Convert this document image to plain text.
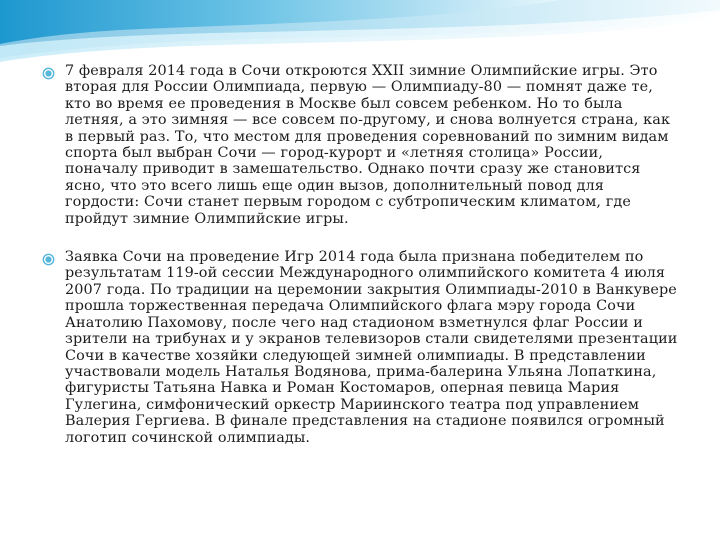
7 февраля 2014 года в Сочи откроются XXII зимние Олимпийские игры. Это вторая для России Олимпиада, первую — Олимпиаду-80 — помнят даже те, кто во время ее проведения в Москве был совсем ребенком. Но то была летняя, а это зимняя — все совсем по-другому, и снова волнуется страна, как в первый раз. То, что местом для проведения соревнований по зимним видам спорта был выбран Сочи — город-курорт и «летняя столица» России, поначалу приводит в замешательство. Однако почти сразу же становится ясно, что это всего лишь еще один вызов, дополнительный повод для гордости: Сочи станет первым городом с субтропическим климатом, где пройдут зимние Олимпийские игры.

Заявка Сочи на проведение Игр 2014 года была признана победителем по результатам 119-ой сессии Международного олимпийского комитета 4 июля 2007 года. По традиции на церемонии закрытия Олимпиады-2010 в Ванкувере прошла торжественная передача Олимпийского флага мэру города Сочи Анатолию Пахомову, после чего над стадионом взметнулся флаг России и зрители на трибунах и у экранов телевизоров стали свидетелями презентации Сочи в качестве хозяйки следующей зимней олимпиады. В представлении участвовали модель Наталья Водянова, прима-балерина Ульяна Лопаткина, фигуристы Татьяна Навка и Роман Костомаров, оперная певица Мария Гулегина, симфонический оркестр Мариинского театра под управлением Валерия Гергиева. В финале представления на стадионе появился огромный логотип сочинской олимпиады.
